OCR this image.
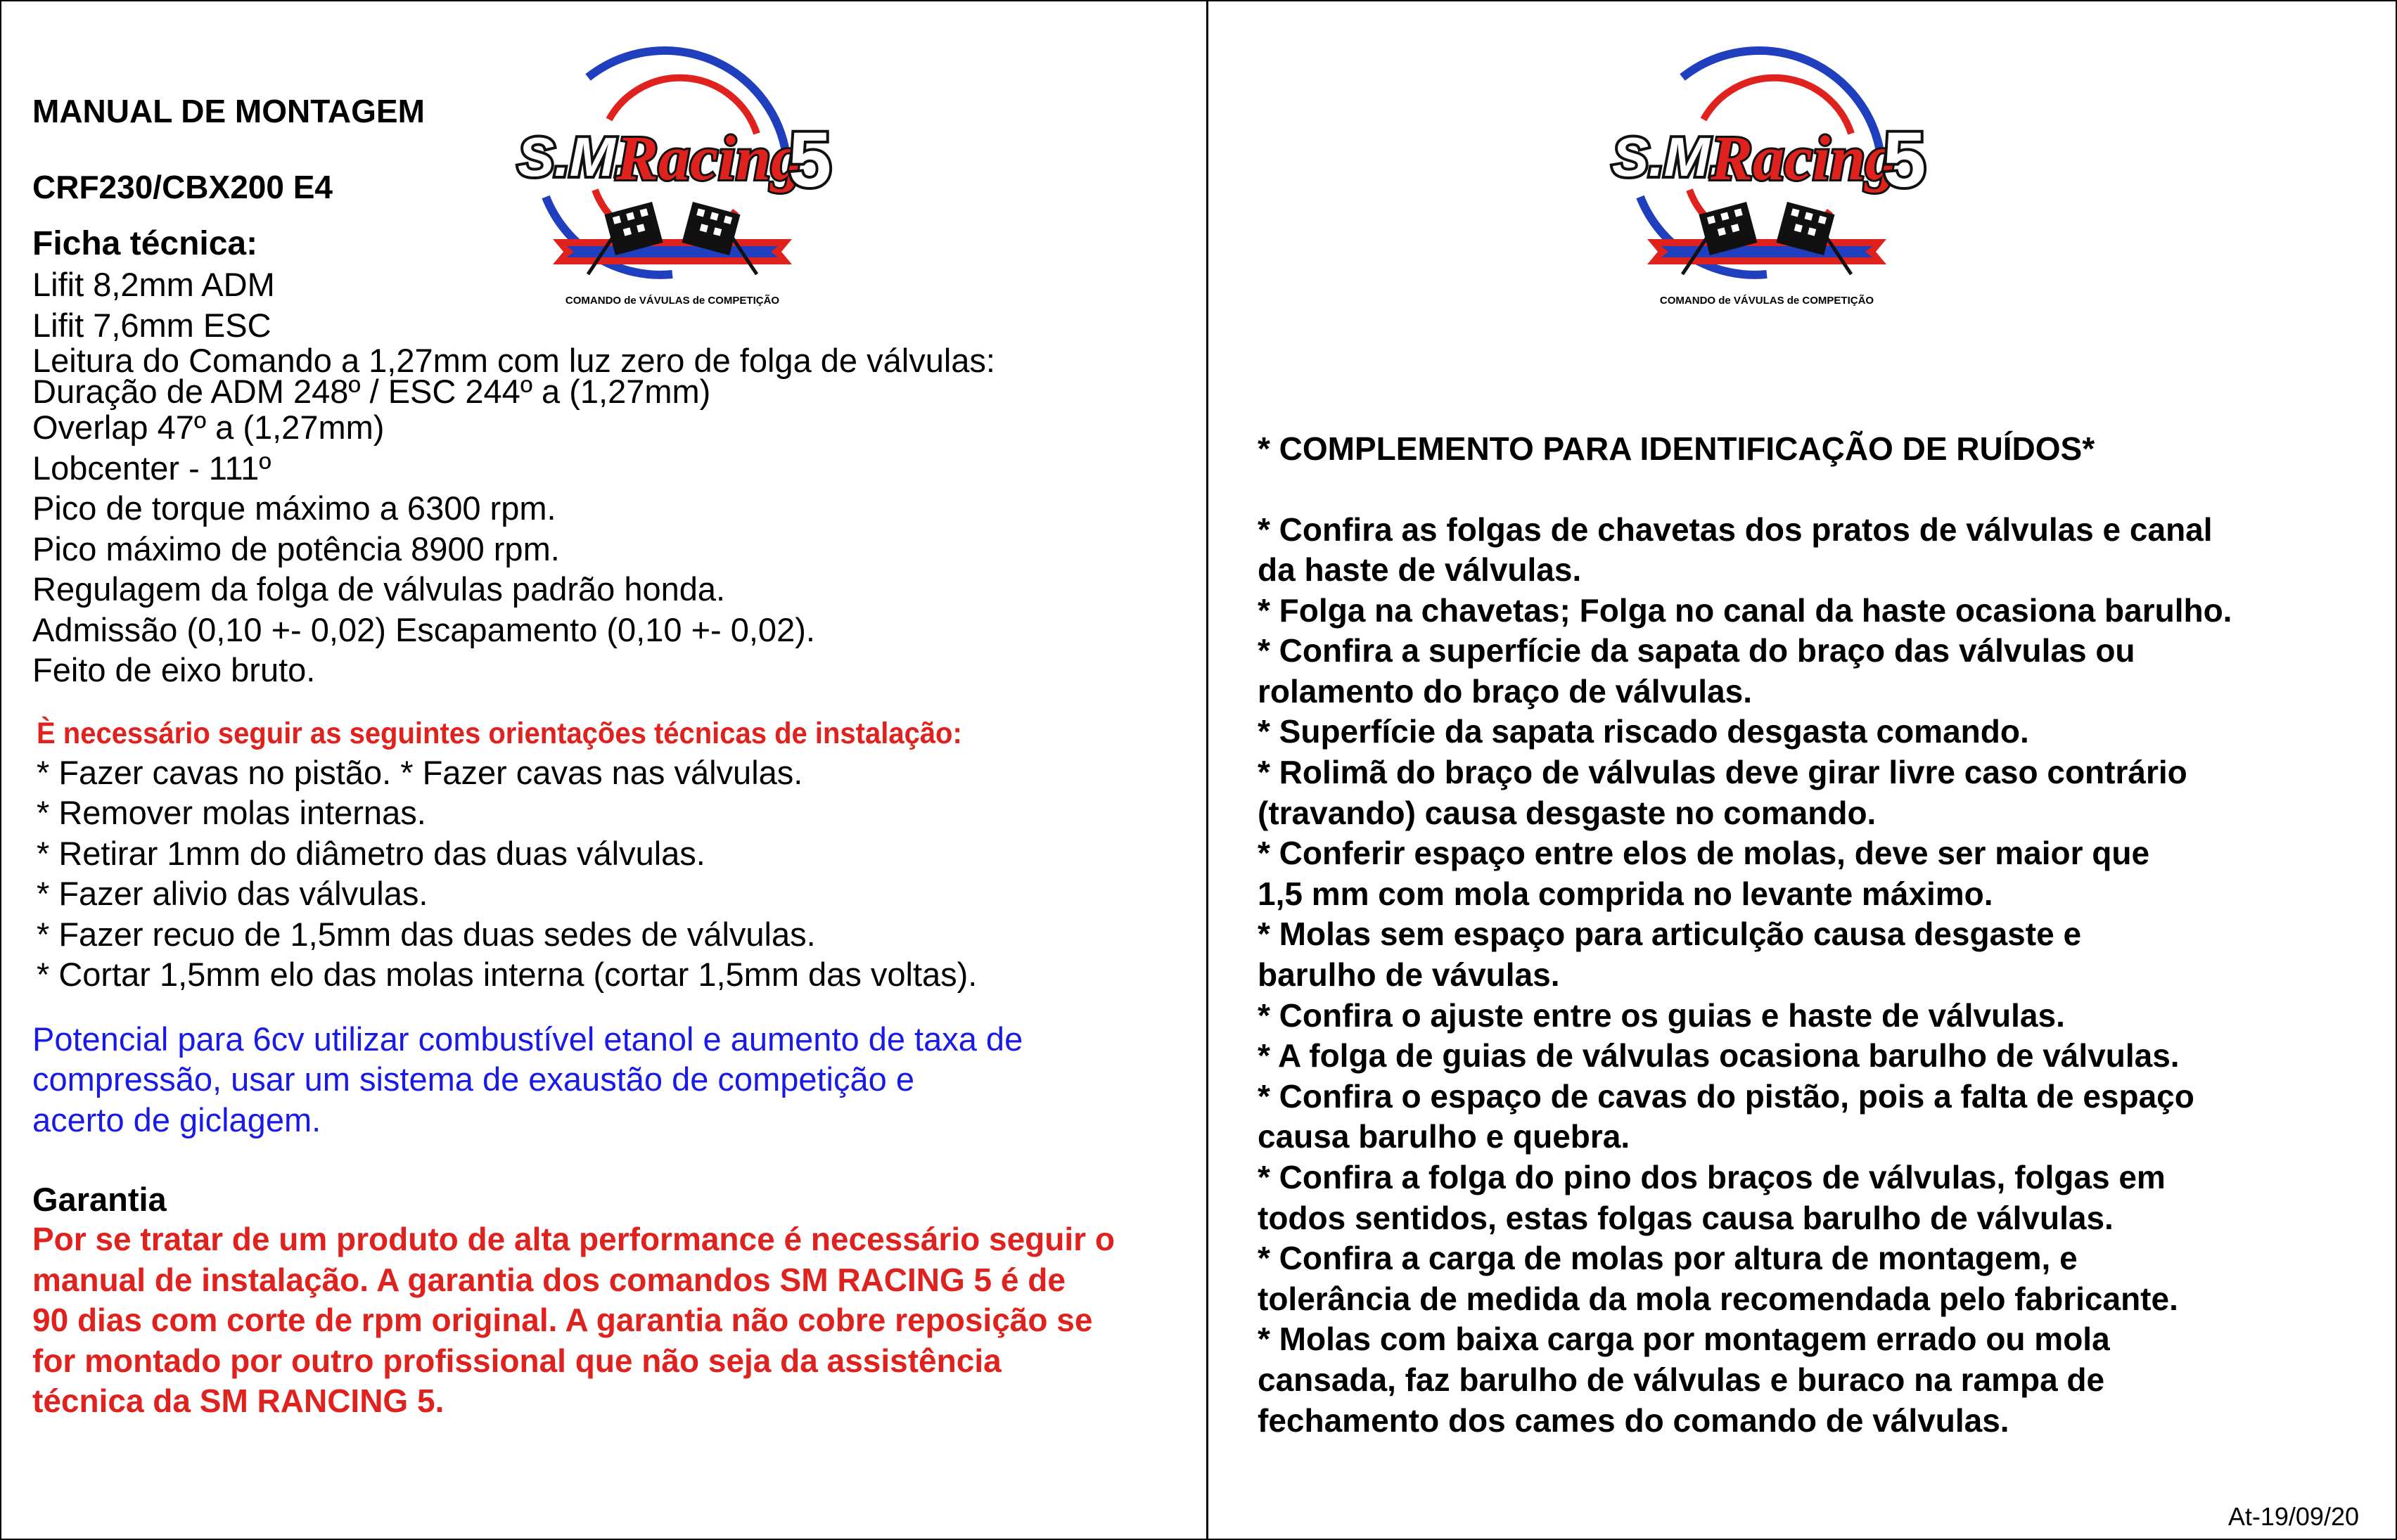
MANUAL DE MONTAGEM
CRF230/CBX200 E4
Ficha técnica:
Lifit 8,2mm ADM
Lifit 7,6mm ESC
Leitura do Comando a 1,27mm com luz zero de folga de válvulas:
Duração de ADM 248º / ESC 244º a (1,27mm)
Overlap 47º a (1,27mm)
Lobcenter - 111º
Pico de torque máximo a 6300 rpm.
Pico máximo de potência 8900 rpm.
Regulagem da folga de válvulas padrão honda.
Admissão (0,10 +- 0,02) Escapamento (0,10 +- 0,02).
Feito de eixo bruto.
È necessário seguir as seguintes orientações técnicas de instalação:
* Fazer cavas no pistão. * Fazer cavas nas válvulas.
* Remover molas internas.
* Retirar 1mm do diâmetro das duas válvulas.
* Fazer alivio das válvulas.
* Fazer recuo de 1,5mm das duas sedes de válvulas.
* Cortar 1,5mm elo das molas interna (cortar 1,5mm das voltas).
Potencial para 6cv utilizar combustível etanol e aumento de taxa de
compressão, usar um sistema de exaustão de competição e
acerto de giclagem.
Garantia
Por se tratar de um produto de alta performance é necessário seguir o
manual de instalação. A garantia dos comandos SM RACING 5 é de
90 dias com corte de rpm original. A garantia não cobre reposição se
for montado por outro profissional que não seja da assistência
técnica da SM RANCING 5.
S.M.
Racing
5
COMANDO de VÁVULAS de COMPETIÇÃO
S.M.
Racing
5
COMANDO de VÁVULAS de COMPETIÇÃO
* COMPLEMENTO PARA IDENTIFICAÇÃO DE RUÍDOS*
* Confira as folgas de chavetas dos pratos de válvulas e canal
da haste de válvulas.
* Folga na chavetas; Folga no canal da haste ocasiona barulho.
* Confira a superfície da sapata do braço das válvulas ou
rolamento do braço de válvulas.
* Superfície da sapata riscado desgasta comando.
* Rolimã do braço de válvulas deve girar livre caso contrário
(travando) causa desgaste no comando.
* Conferir espaço entre elos de molas, deve ser maior que
1,5 mm com mola comprida no levante máximo.
* Molas sem espaço para articulção causa desgaste e
barulho de vávulas.
* Confira o ajuste entre os guias e haste de válvulas.
* A folga de guias de válvulas ocasiona barulho de válvulas.
* Confira o espaço de cavas do pistão, pois a falta de espaço
causa barulho e quebra.
* Confira a folga do pino dos braços de válvulas, folgas em
todos sentidos, estas folgas causa barulho de válvulas.
* Confira a carga de molas por altura de montagem, e
tolerância de medida da mola recomendada pelo fabricante.
* Molas com baixa carga por montagem errado ou mola
cansada, faz barulho de válvulas e buraco na rampa de
fechamento dos cames do comando de válvulas.
At-19/09/20
